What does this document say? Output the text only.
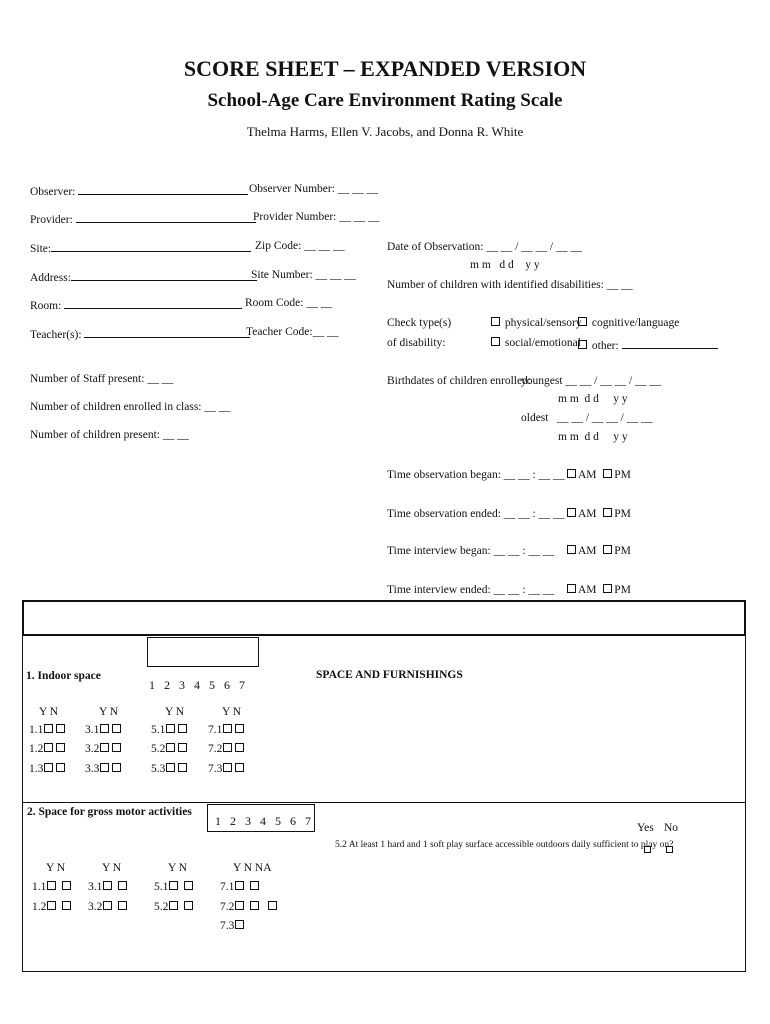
SCORE SHEET – EXPANDED VERSION
School-Age Care Environment Rating Scale
Thelma Harms, Ellen V. Jacobs, and Donna R. White
Observer:	Observer Number: __ __ __
Provider:	Provider Number: __ __ __
Site:	Zip Code: __ __ __
Address:	Site Number: __ __ __
Room:	Room Code: __ __
Teacher(s):	Teacher Code:__ __
Number of Staff present: __ __
Number of children enrolled in class: __ __
Number of children present: __ __
Date of Observation: __ __ / __ __ / __ __
m m   d d    y y
Number of children with identified disabilities: __ __
Check type(s)
of disability:
physical/sensory cognitive/language
social/emotional other:
Birthdates of children enrolled:
youngest __ __ / __ __ / __ __
m m  d d     y y
oldest __ __ / __ __ / __ __
m m  d d     y y
Time observation began: __ __ : __ __
Time observation ended: __ __ : __ __
Time interview began: __ __ : __ __
Time interview ended: __ __ : __ __
AM PM
AM PM
AM PM
AM PM
1. Indoor space
1 2 3 4 5 6 7
SPACE AND FURNISHINGS
Y N	Y N	Y N	Y N
1.1	3.1	5.1	7.1
1.2	3.2	5.2	7.2
1.3	3.3	5.3	7.3
2. Space for gross motor activities
1 2 3 4 5 6 7	Yes No
5.2 At least 1 hard and 1 soft play surface accessible outdoors daily sufficient to play on?
Y N	Y N	Y N	Y N NA
1.1	3.1	5.1	7.1
1.2	3.2	5.2	7.2
7.3
